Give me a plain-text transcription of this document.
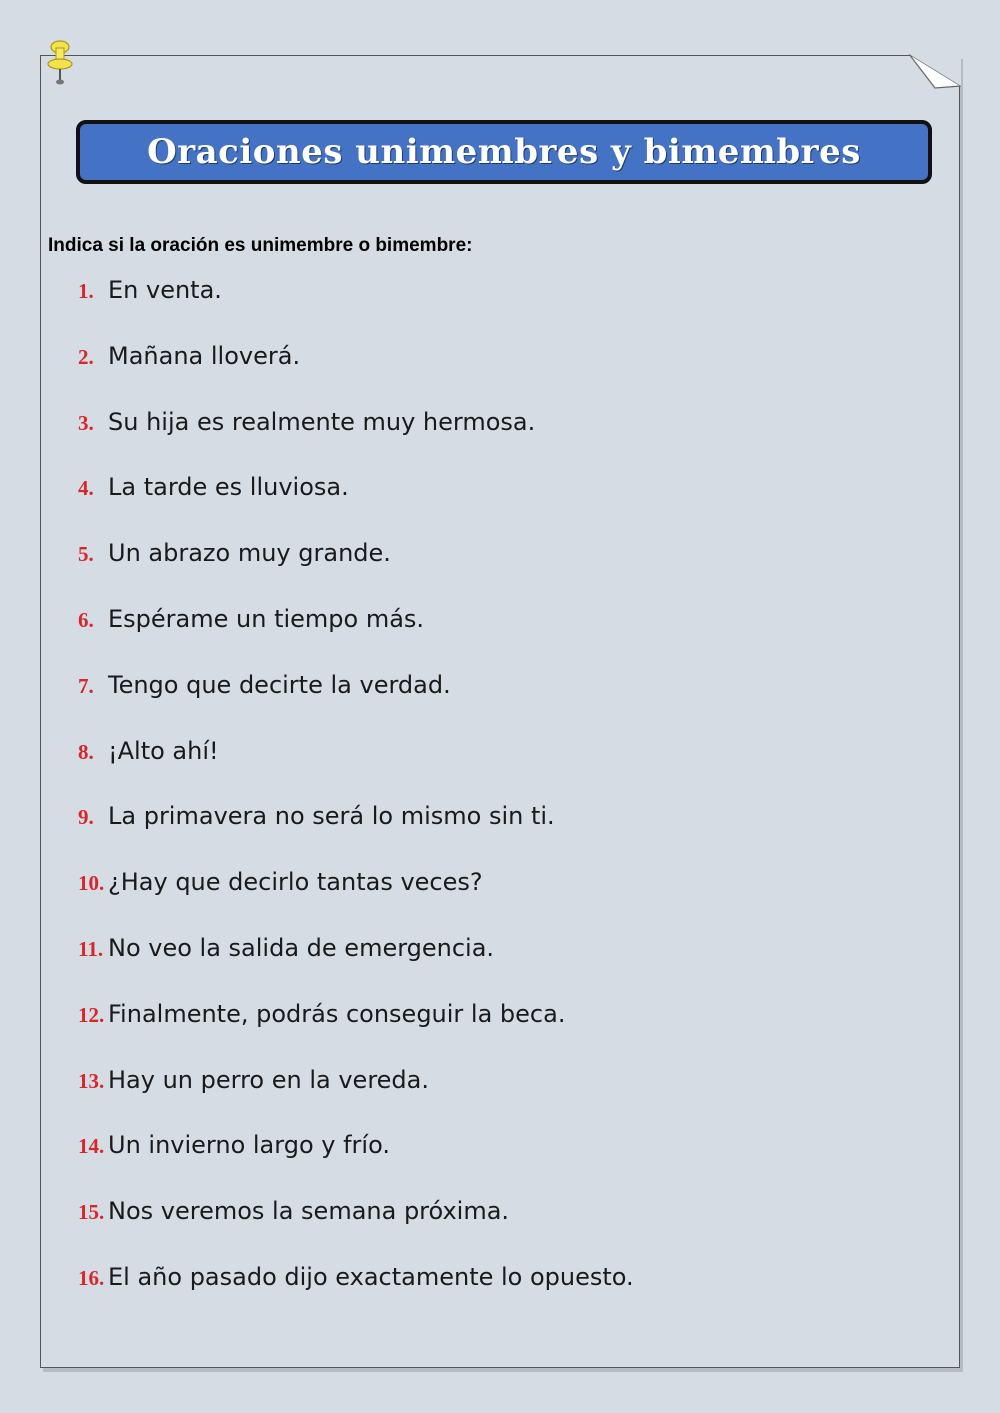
Oraciones unimembres y bimembres
Indica si la oración es unimembre o bimembre:
1. En venta.
2. Mañana lloverá.
3. Su hija es realmente muy hermosa.
4. La tarde es lluviosa.
5. Un abrazo muy grande.
6. Espérame un tiempo más.
7. Tengo que decirte la verdad.
8. ¡Alto ahí!
9. La primavera no será lo mismo sin ti.
10. ¿Hay que decirlo tantas veces?
11. No veo la salida de emergencia.
12. Finalmente, podrás conseguir la beca.
13. Hay un perro en la vereda.
14. Un invierno largo y frío.
15. Nos veremos la semana próxima.
16. El año pasado dijo exactamente lo opuesto.
